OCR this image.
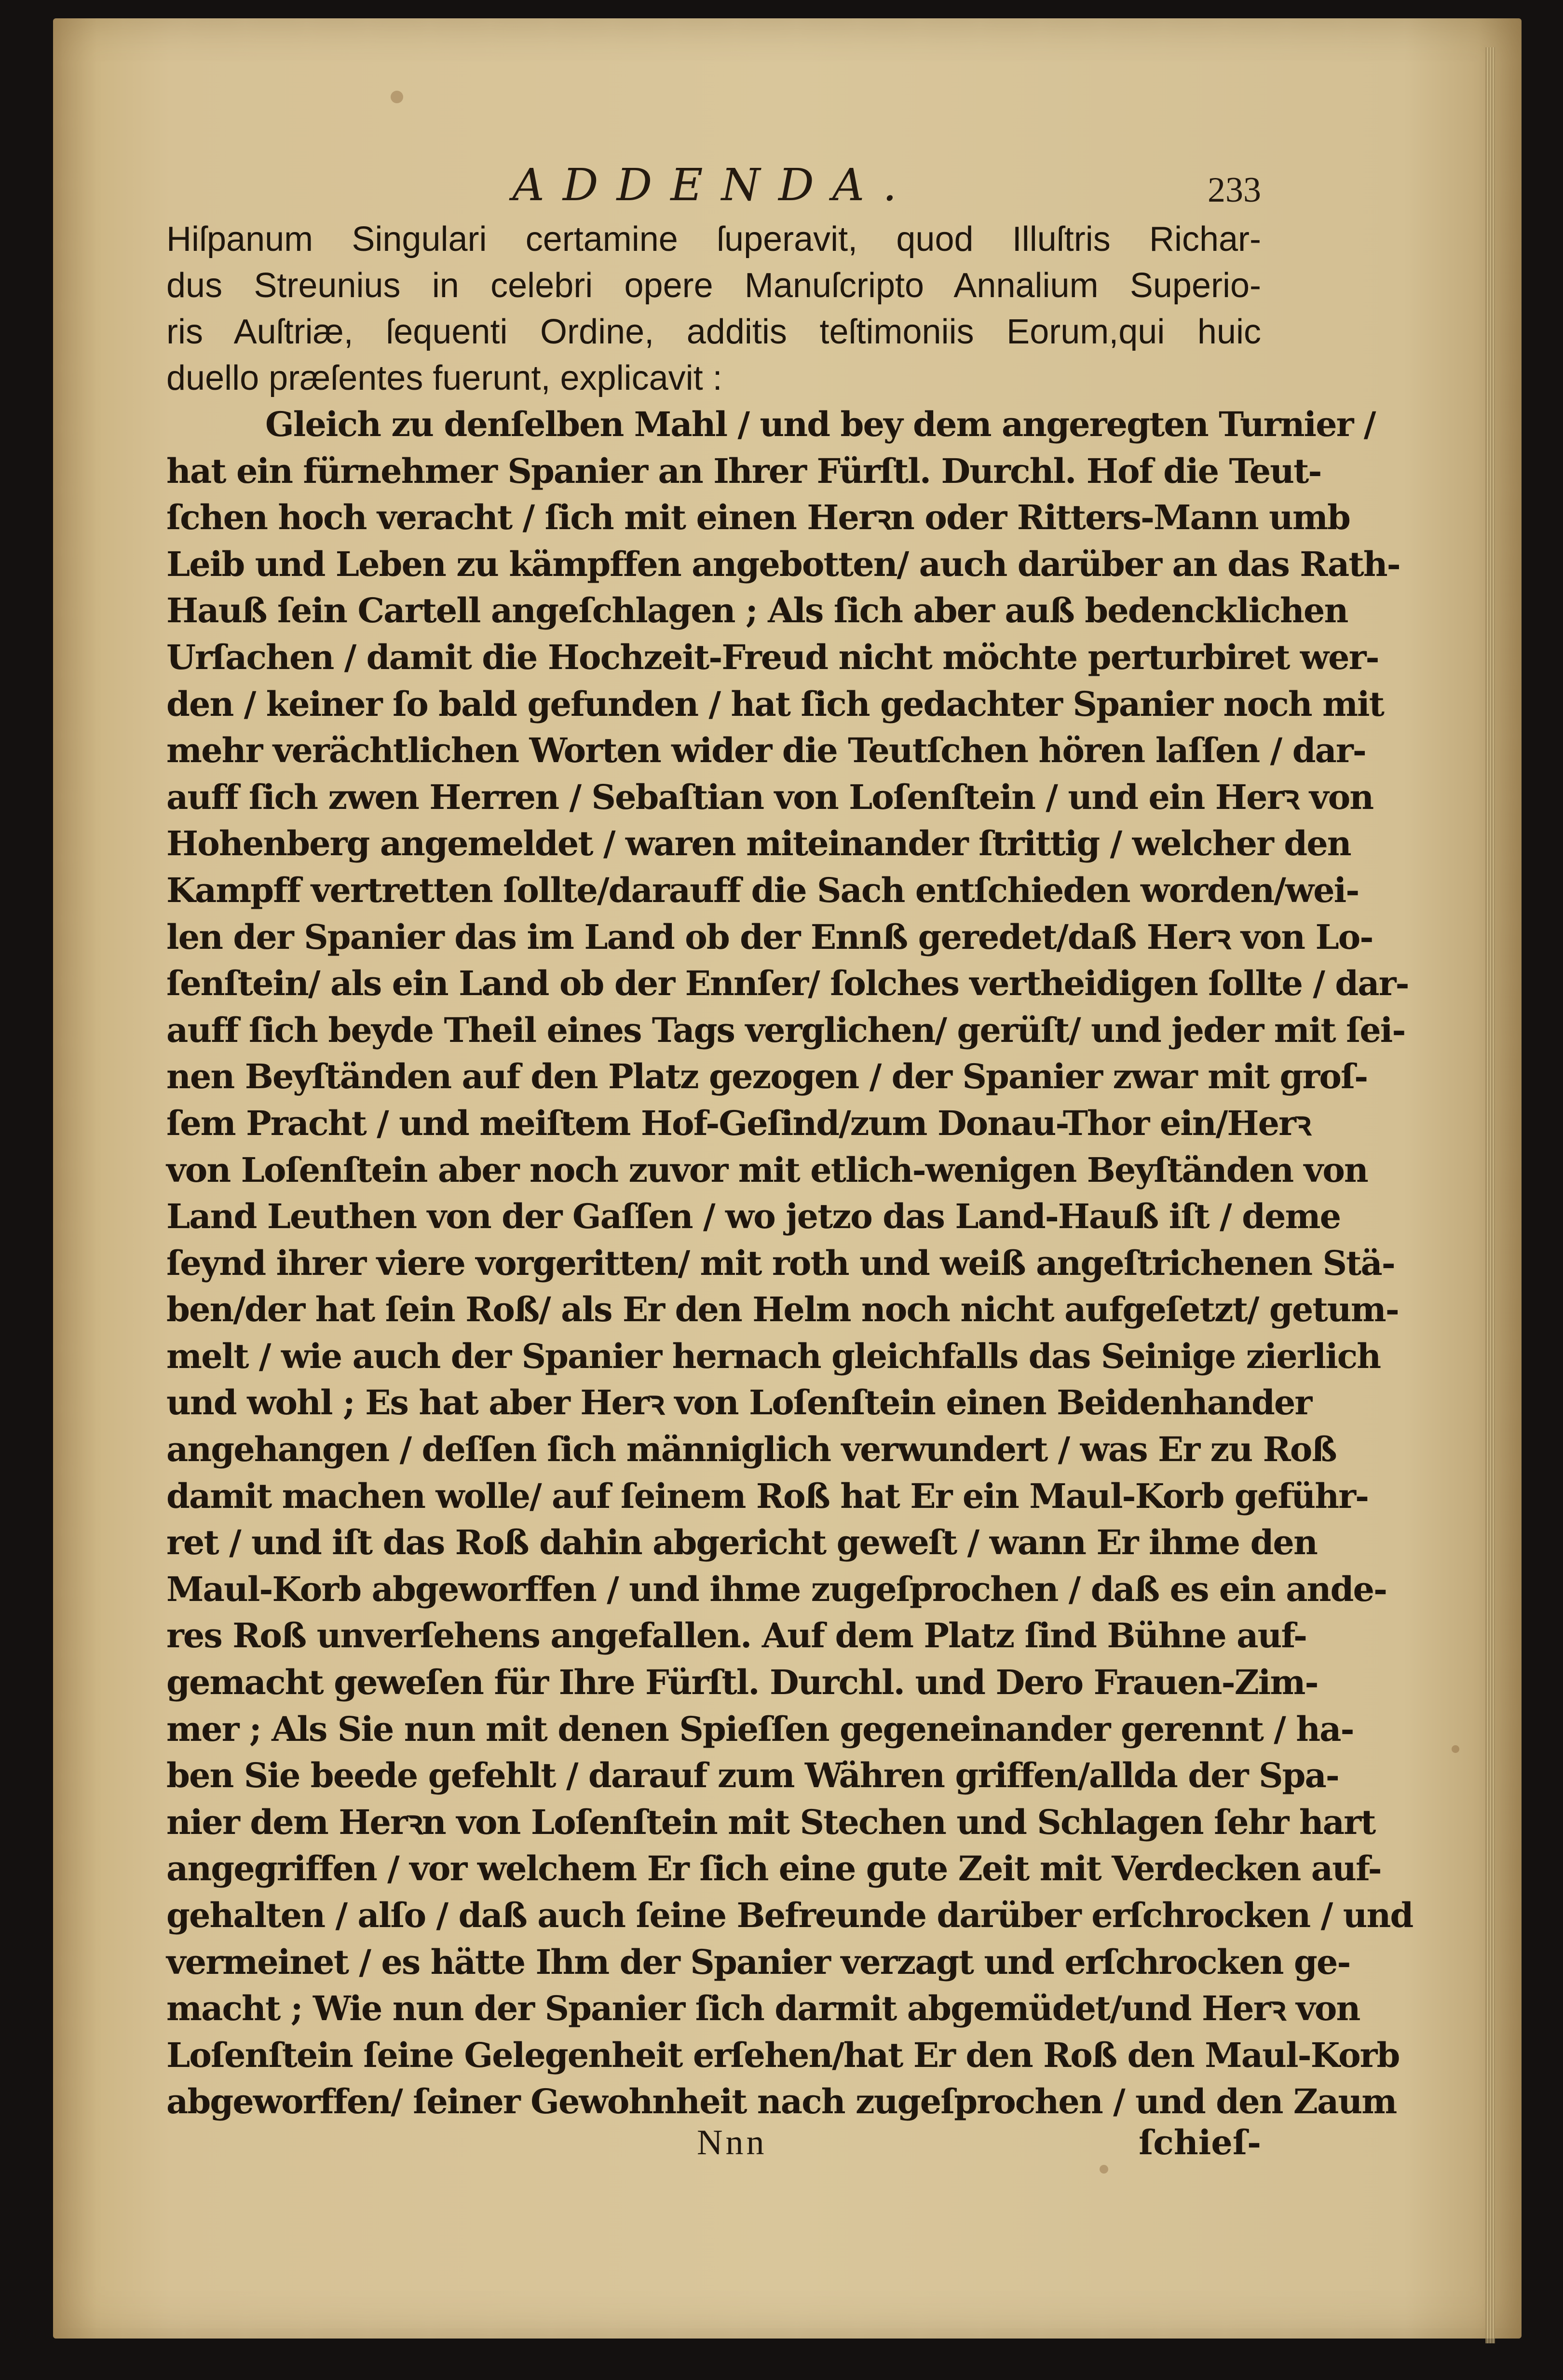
ADDENDA.	233
Hiſpanum Singulari certamine ſuperavit, quod Illuſtris Richar-
dus Streunius in celebri opere Manuſcripto Annalium Superio-
ris Auſtriæ, ſequenti Ordine, additis teſtimoniis Eorum,qui huic
duello præſentes fuerunt, explicavit :
Gleich zu denſelben Mahl / und bey dem angeregten Turnier /
hat ein fürnehmer Spanier an Ihrer Fürſtl. Durchl. Hof die Teut-
ſchen hoch veracht / ſich mit einen Herꝛn oder Ritters-Mann umb
Leib und Leben zu kämpffen angebotten/ auch darüber an das Rath-
Hauß ſein Cartell angeſchlagen ; Als ſich aber auß bedencklichen
Urſachen / damit die Hochzeit-Freud nicht möchte perturbiret wer-
den / keiner ſo bald gefunden / hat ſich gedachter Spanier noch mit
mehr verächtlichen Worten wider die Teutſchen hören laſſen / dar-
auff ſich zwen Herren / Sebaſtian von Loſenſtein / und ein Herꝛ von
Hohenberg angemeldet / waren miteinander ſtrittig / welcher den
Kampff vertretten ſollte/darauff die Sach entſchieden worden/wei-
len der Spanier das im Land ob der Ennß geredet/daß Herꝛ von Lo-
ſenſtein/ als ein Land ob der Ennſer/ ſolches vertheidigen ſollte / dar-
auff ſich beyde Theil eines Tags verglichen/ gerüſt/ und jeder mit ſei-
nen Beyſtänden auf den Platz gezogen / der Spanier zwar mit groſ-
ſem Pracht / und meiſtem Hof-Geſind/zum Donau-Thor ein/Herꝛ
von Loſenſtein aber noch zuvor mit etlich-wenigen Beyſtänden von
Land Leuthen von der Gaſſen / wo jetzo das Land-Hauß iſt / deme
ſeynd ihrer viere vorgeritten/ mit roth und weiß angeſtrichenen Stä-
ben/der hat ſein Roß/ als Er den Helm noch nicht aufgeſetzt/ getum-
melt / wie auch der Spanier hernach gleichfalls das Seinige zierlich
und wohl ; Es hat aber Herꝛ von Loſenſtein einen Beidenhander
angehangen / deſſen ſich männiglich verwundert / was Er zu Roß
damit machen wolle/ auf ſeinem Roß hat Er ein Maul-Korb geführ-
ret / und iſt das Roß dahin abgericht geweſt / wann Er ihme den
Maul-Korb abgeworffen / und ihme zugeſprochen / daß es ein ande-
res Roß unverſehens angefallen. Auf dem Platz ſind Bühne auf-
gemacht geweſen für Ihre Fürſtl. Durchl. und Dero Frauen-Zim-
mer ; Als Sie nun mit denen Spieſſen gegeneinander gerennt / ha-
ben Sie beede gefehlt / darauf zum Währen griffen/allda der Spa-
nier dem Herꝛn von Loſenſtein mit Stechen und Schlagen ſehr hart
angegriffen / vor welchem Er ſich eine gute Zeit mit Verdecken auf-
gehalten / alſo / daß auch ſeine Befreunde darüber erſchrocken / und
vermeinet / es hätte Ihm der Spanier verzagt und erſchrocken ge-
macht ; Wie nun der Spanier ſich darmit abgemüdet/und Herꝛ von
Loſenſtein ſeine Gelegenheit erſehen/hat Er den Roß den Maul-Korb
abgeworffen/ ſeiner Gewohnheit nach zugeſprochen / und den Zaum
Nnn	ſchieſ-
